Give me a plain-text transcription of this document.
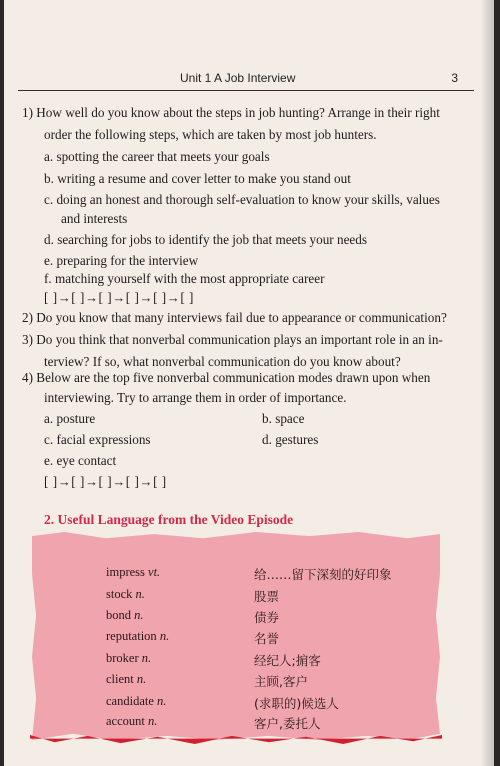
Unit 1 A Job Interview	3
1) How well do you know about the steps in job hunting? Arrange in their right
order the following steps, which are taken by most job hunters.
a. spotting the career that meets your goals
b. writing a resume and cover letter to make you stand out
c. doing an honest and thorough self-evaluation to know your skills, values
and interests
d. searching for jobs to identify the job that meets your needs
e. preparing for the interview
f. matching yourself with the most appropriate career
[ ]→[ ]→[ ]→[ ]→[ ]→[ ]
2) Do you know that many interviews fail due to appearance or communication?
3) Do you think that nonverbal communication plays an important role in an in-
terview? If so, what nonverbal communication do you know about?
4) Below are the top five nonverbal communication modes drawn upon when
interviewing. Try to arrange them in order of importance.
a. posture	b. space
c. facial expressions	d. gestures
e. eye contact
[ ]→[ ]→[ ]→[ ]→[ ]
2. Useful Language from the Video Episode
impress vt.	给……留下深刻的好印象
stock n.	股票
bond n.	债券
reputation n.	名誉
broker n.	经纪人;掮客
client n.	主顾,客户
candidate n.	(求职的)候选人
account n.	客户,委托人
